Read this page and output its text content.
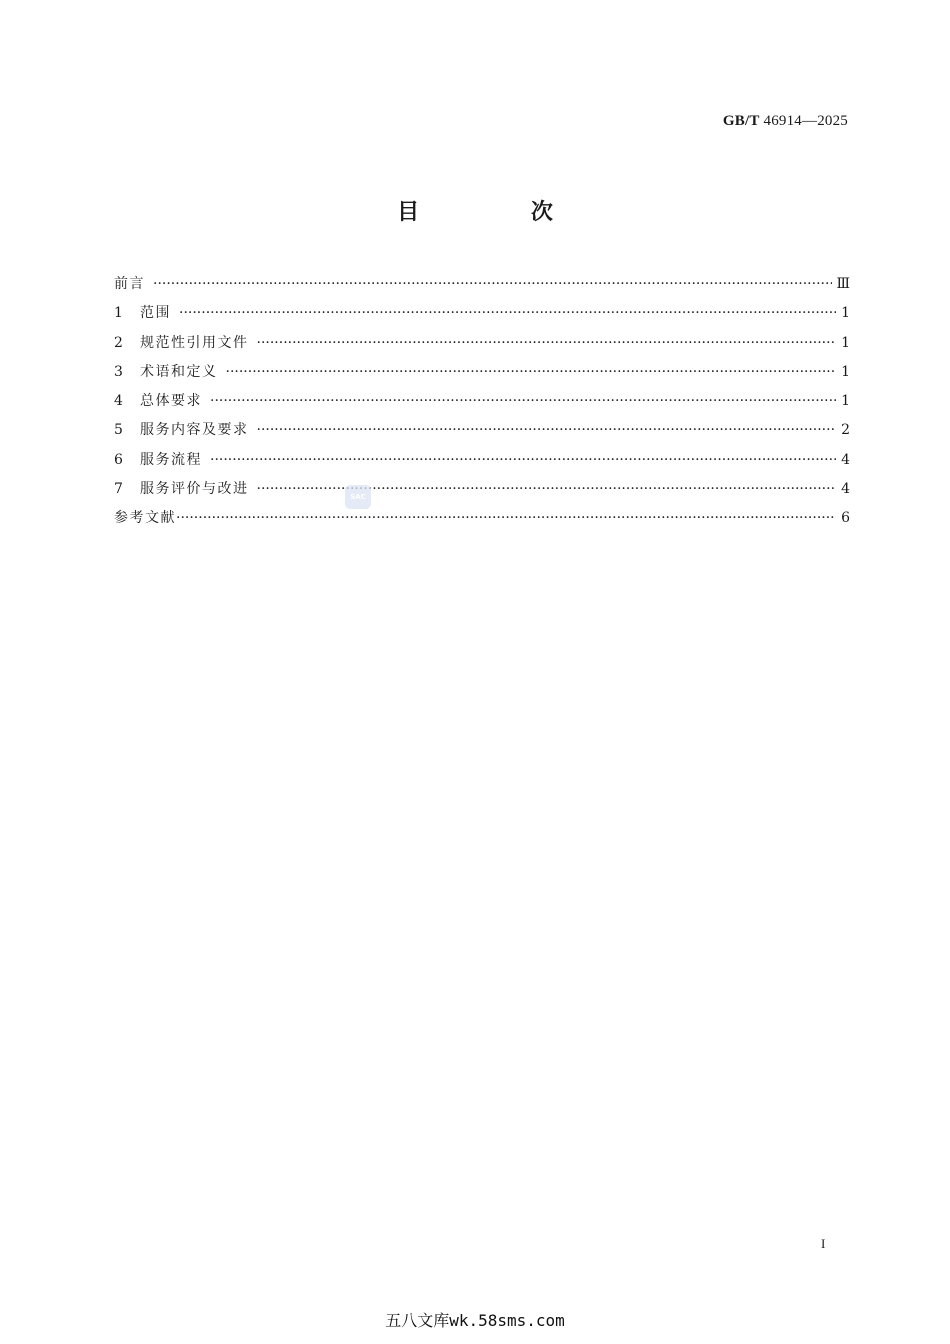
GB/T 46914—2025
目 次
前言 ·····	Ⅲ
1	范围 ·····	1
2	规范性引用文件 ·····	1
3	术语和定义 ·····	1
4	总体要求 ·····	1
5	服务内容及要求 ·····	2
6	服务流程 ·····	4
7	服务评价与改进 ·····	4
参考文献 ·····	6
SAC
I
五八文库wk.58sms.com
